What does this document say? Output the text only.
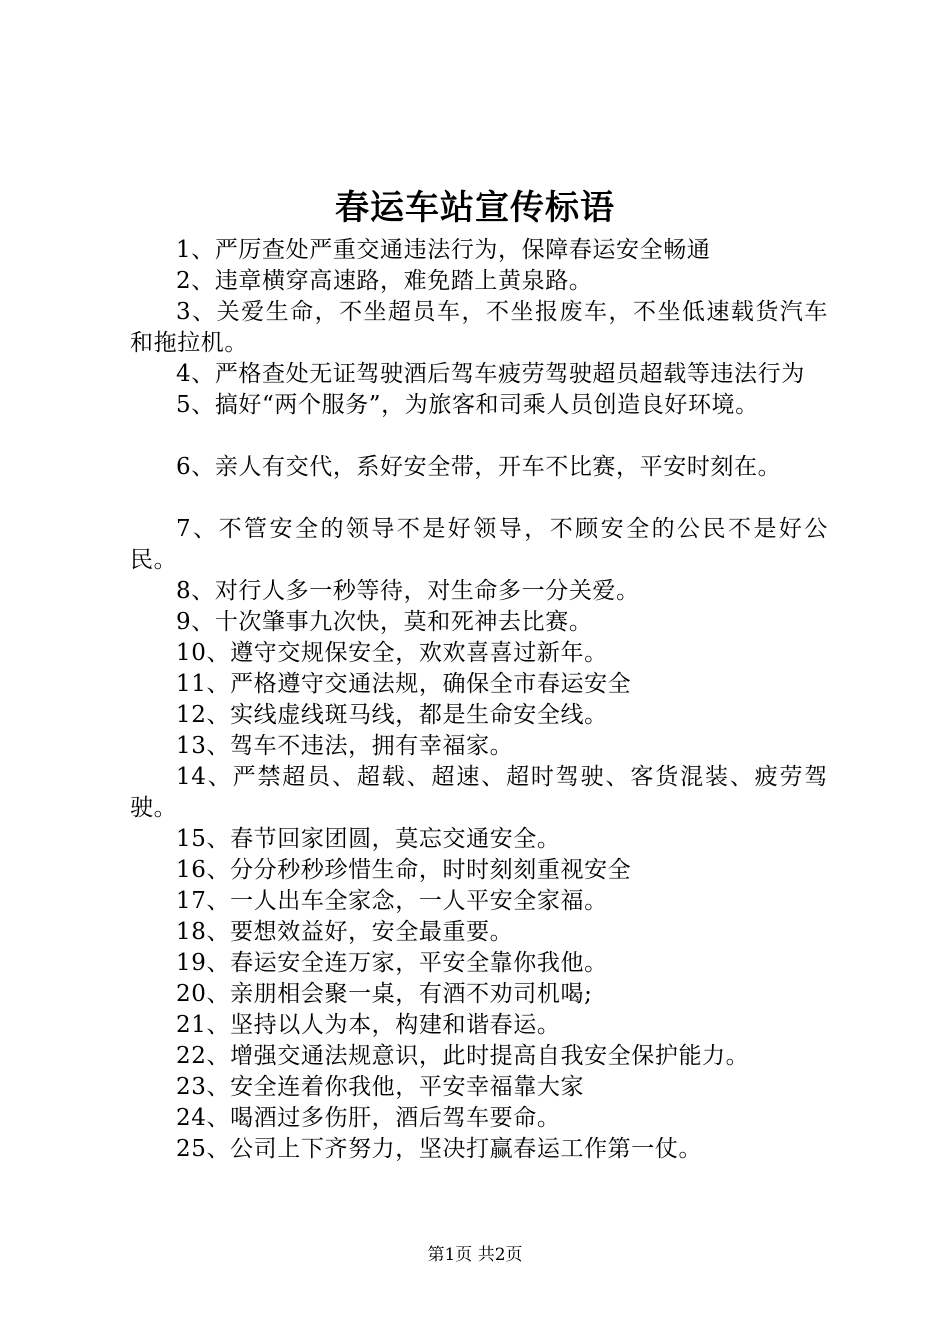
春运车站宣传标语
1、严厉查处严重交通违法行为，保障春运安全畅通
2、违章横穿高速路，难免踏上黄泉路。
3、关爱生命，不坐超员车，不坐报废车，不坐低速载货汽车和拖拉机。
4、严格查处无证驾驶酒后驾车疲劳驾驶超员超载等违法行为
5、搞好“两个服务”，为旅客和司乘人员创造良好环境。
6、亲人有交代，系好安全带，开车不比赛，平安时刻在。
7、不管安全的领导不是好领导，不顾安全的公民不是好公民。
8、对行人多一秒等待，对生命多一分关爱。
9、十次肇事九次快，莫和死神去比赛。
10、遵守交规保安全，欢欢喜喜过新年。
11、严格遵守交通法规，确保全市春运安全
12、实线虚线斑马线，都是生命安全线。
13、驾车不违法，拥有幸福家。
14、严禁超员、超载、超速、超时驾驶、客货混装、疲劳驾驶。
15、春节回家团圆，莫忘交通安全。
16、分分秒秒珍惜生命，时时刻刻重视安全
17、一人出车全家念，一人平安全家福。
18、要想效益好，安全最重要。
19、春运安全连万家，平安全靠你我他。
20、亲朋相会聚一桌，有酒不劝司机喝;
21、坚持以人为本，构建和谐春运。
22、增强交通法规意识，此时提高自我安全保护能力。
23、安全连着你我他，平安幸福靠大家
24、喝酒过多伤肝，酒后驾车要命。
25、公司上下齐努力，坚决打赢春运工作第一仗。
第1页 共2页
